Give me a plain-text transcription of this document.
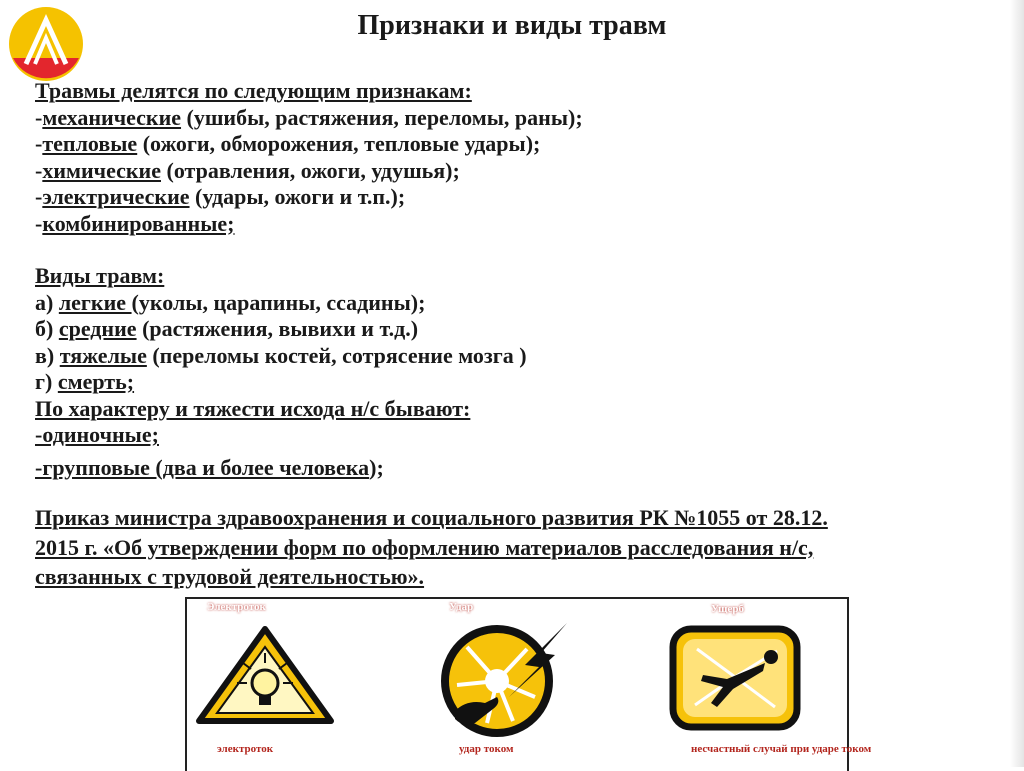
Признаки и виды травм
Травмы делятся по следующим признакам:
-механические (ушибы, растяжения, переломы, раны);
-тепловые (ожоги, обморожения, тепловые удары);
-химические (отравления, ожоги, удушья);
-электрические (удары, ожоги и т.п.);
-комбинированные;
Виды травм:
а) легкие (уколы, царапины, ссадины);
б) средние (растяжения, вывихи и т.д.)
в) тяжелые (переломы костей, сотрясение мозга )
г) смерть;
По характеру и тяжести исхода н/с бывают:
-одиночные;
-групповые (два и более человека);
Приказ министра здравоохранения и социального развития РК №1055 от 28.12.
2015 г. «Об утверждении форм по оформлению материалов расследования н/с,
связанных с трудовой деятельностью».
Электроток
электроток
Удар
удар током
Ущерб
несчастный случай при ударе током
